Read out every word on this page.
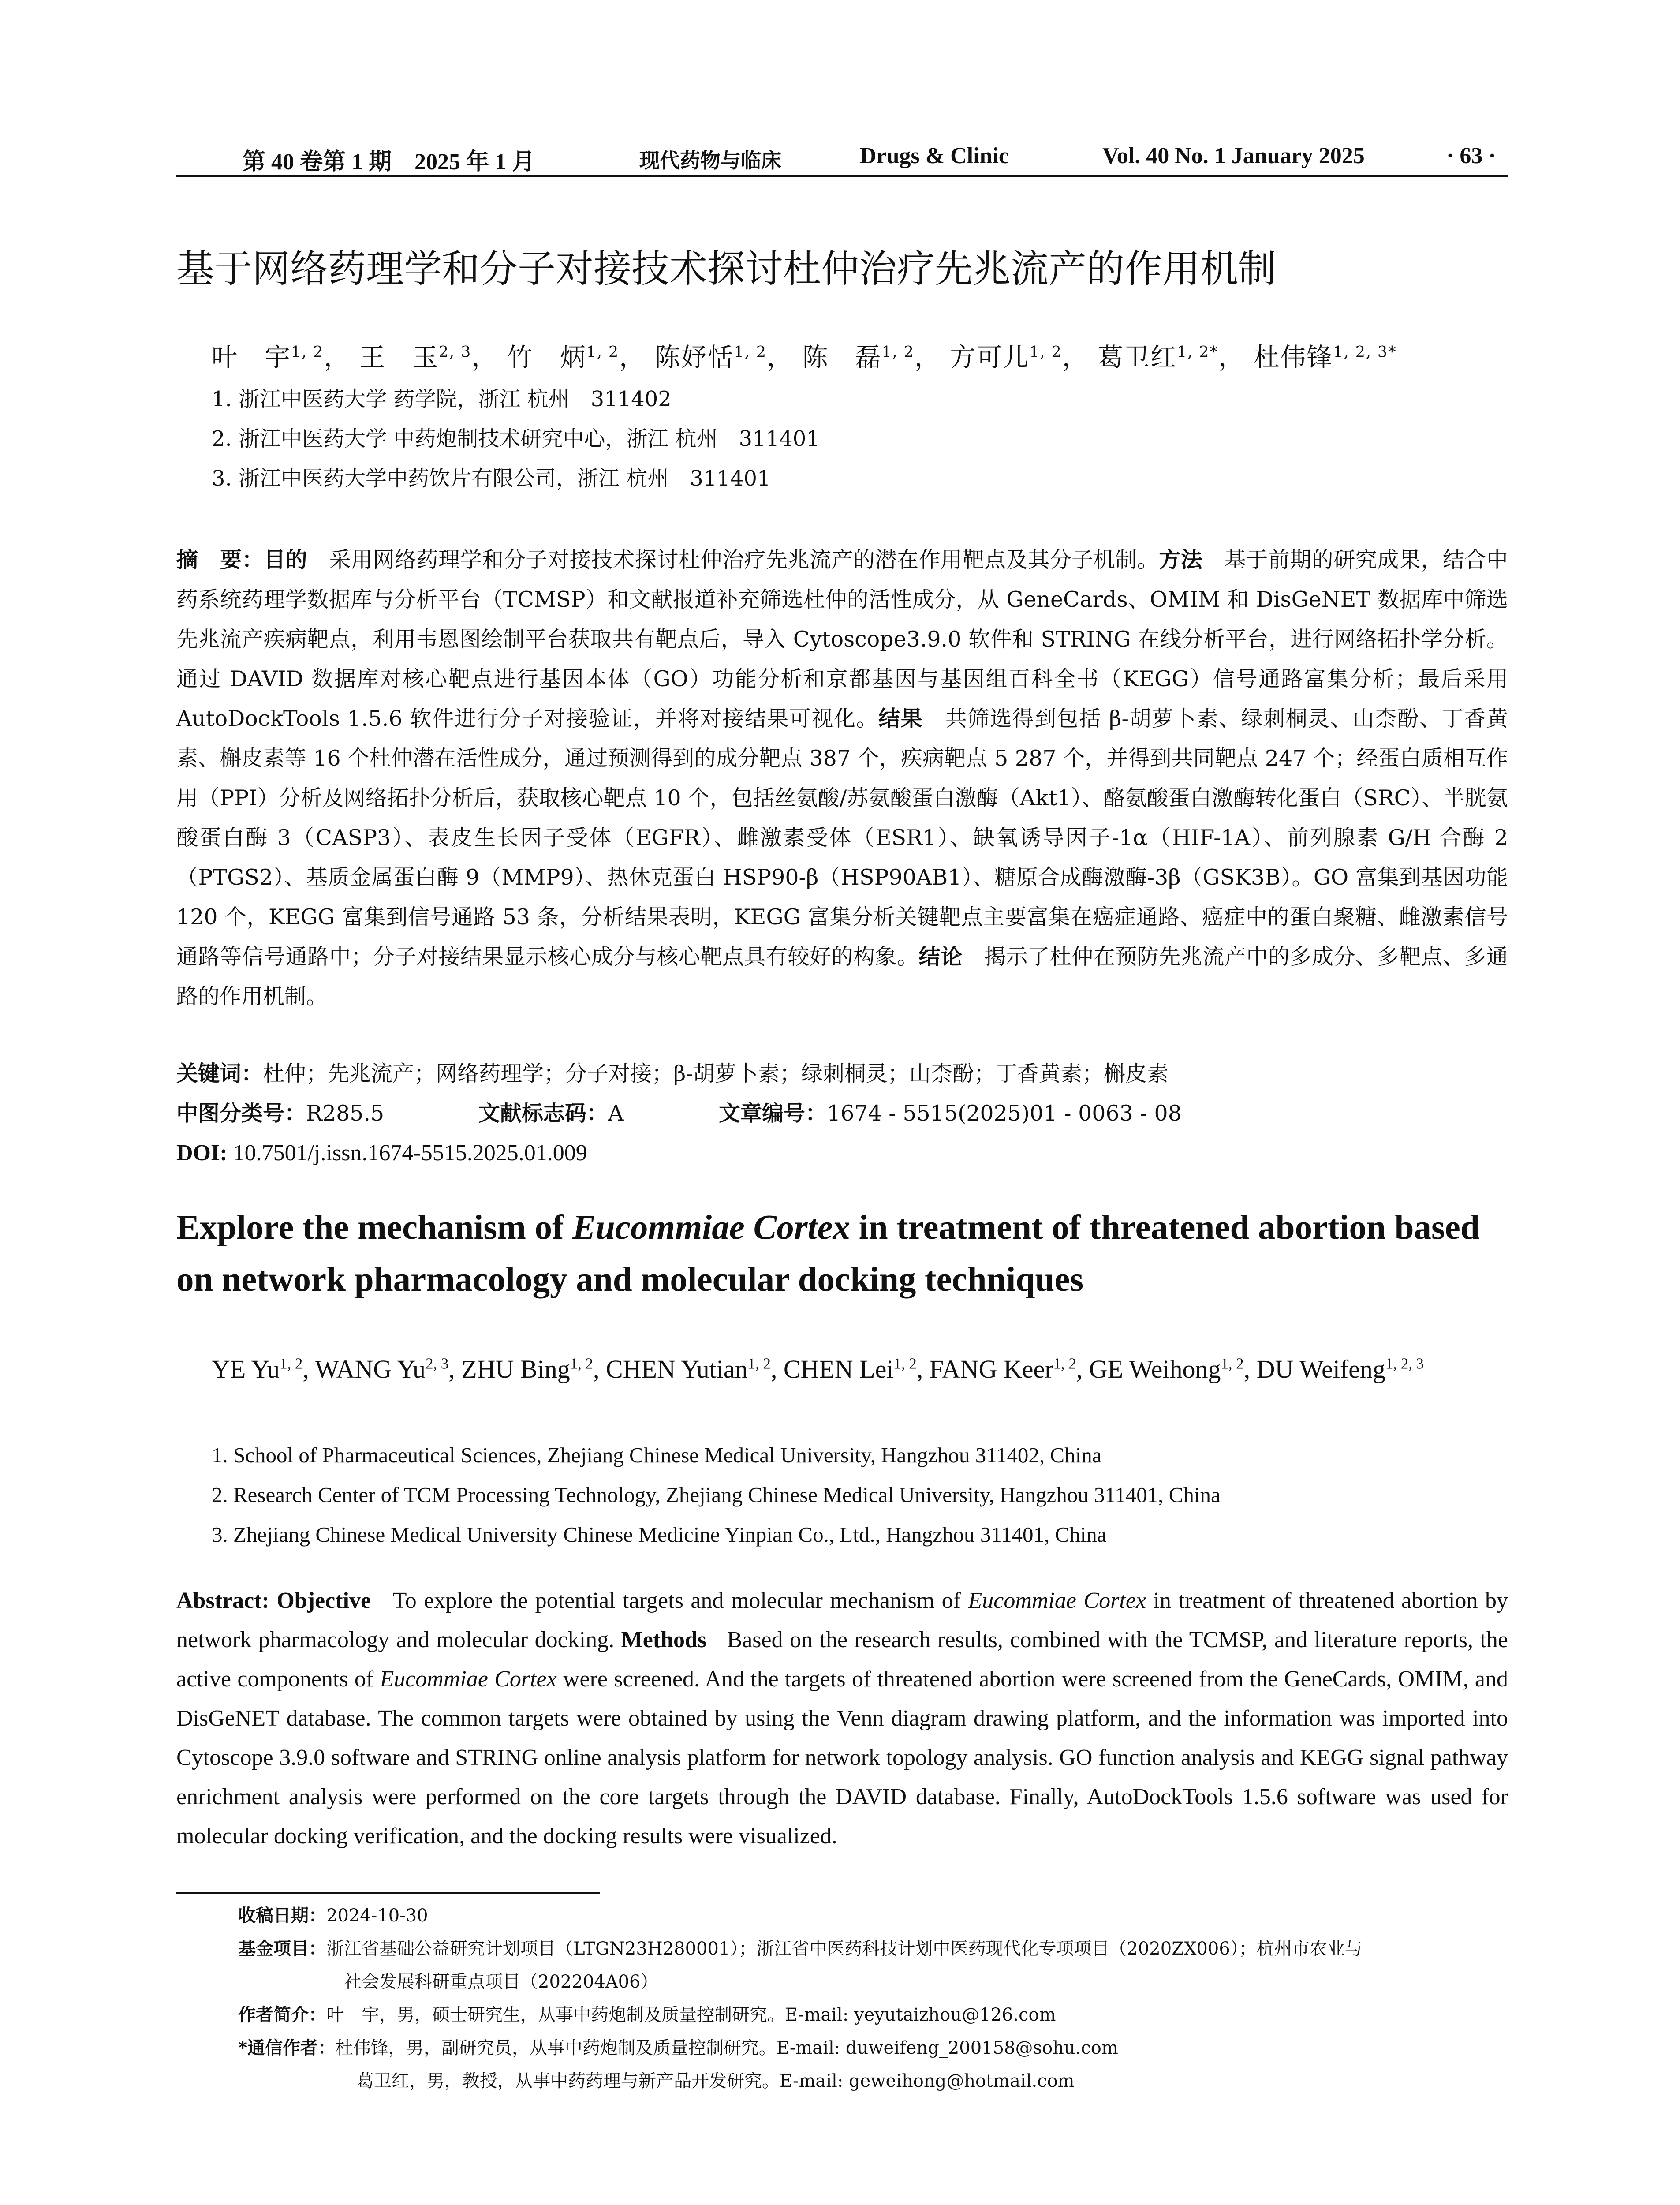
第 40 卷第 1 期　2025 年 1 月	现代药物与临床	Drugs & Clinic	Vol. 40 No. 1 January 2025	· 63 ·
基于网络药理学和分子对接技术探讨杜仲治疗先兆流产的作用机制
叶　宇$^{1, 2}$， 王　玉$^{2, 3}$， 竹　炳$^{1, 2}$， 陈妤恬$^{1, 2}$， 陈　磊$^{1, 2}$， 方可儿$^{1, 2}$， 葛卫红$^{1, 2*}$， 杜伟锋$^{1, 2, 3*}$
1. 浙江中医药大学 药学院，浙江 杭州　311402
2. 浙江中医药大学 中药炮制技术研究中心，浙江 杭州　311401
3. 浙江中医药大学中药饮片有限公司，浙江 杭州　311401
摘　要：目的　 采用网络药理学和分子对接技术探讨杜仲治疗先兆流产的潜在作用靶点及其分子机制。方法　 基于前期的研究成果，结合中药系统药理学数据库与分析平台（TCMSP）和文献报道补充筛选杜仲的活性成分，从 GeneCards、OMIM 和 DisGeNET 数据库中筛选先兆流产疾病靶点，利用韦恩图绘制平台获取共有靶点后，导入 Cytoscope3.9.0 软件和 STRING 在线分析平台，进行网络拓扑学分析。通过 DAVID 数据库对核心靶点进行基因本体（GO）功能分析和京都基因与基因组百科全书（KEGG）信号通路富集分析；最后采用 AutoDockTools 1.5.6 软件进行分子对接验证，并将对接结果可视化。结果　 共筛选得到包括 β-胡萝卜素、绿刺桐灵、山柰酚、丁香黄素、槲皮素等 16 个杜仲潜在活性成分，通过预测得到的成分靶点 387 个，疾病靶点 5 287 个，并得到共同靶点 247 个；经蛋白质相互作用（PPI）分析及网络拓扑分析后，获取核心靶点 10 个，包括丝氨酸/苏氨酸蛋白激酶（Akt1）、酪氨酸蛋白激酶转化蛋白（SRC）、半胱氨酸蛋白酶 3（CASP3）、表皮生长因子受体（EGFR）、雌激素受体（ESR1）、缺氧诱导因子-1α（HIF-1A）、前列腺素 G/H 合酶 2（PTGS2）、基质金属蛋白酶 9（MMP9）、热休克蛋白 HSP90-β（HSP90AB1）、糖原合成酶激酶-3β（GSK3B）。GO 富集到基因功能 120 个，KEGG 富集到信号通路 53 条，分析结果表明，KEGG 富集分析关键靶点主要富集在癌症通路、癌症中的蛋白聚糖、雌激素信号通路等信号通路中；分子对接结果显示核心成分与核心靶点具有较好的构象。结论　 揭示了杜仲在预防先兆流产中的多成分、多靶点、多通路的作用机制。
关键词：杜仲；先兆流产；网络药理学；分子对接；β-胡萝卜素；绿刺桐灵；山柰酚；丁香黄素；槲皮素
中图分类号：R285.5	文献标志码：A	文章编号：1674 - 5515(2025)01 - 0063 - 08
DOI: 10.7501/j.issn.1674-5515.2025.01.009
Explore the mechanism of Eucommiae Cortex in treatment of threatened abortion based on network pharmacology and molecular docking techniques
YE Yu$^{1, 2}$, WANG Yu$^{2, 3}$, ZHU Bing$^{1, 2}$, CHEN Yutian$^{1, 2}$, CHEN Lei$^{1, 2}$, FANG Keer$^{1, 2}$, GE Weihong$^{1, 2}$, DU Weifeng$^{1, 2, 3}$
1. School of Pharmaceutical Sciences, Zhejiang Chinese Medical University, Hangzhou 311402, China
2. Research Center of TCM Processing Technology, Zhejiang Chinese Medical University, Hangzhou 311401, China
3. Zhejiang Chinese Medical University Chinese Medicine Yinpian Co., Ltd., Hangzhou 311401, China
Abstract: Objective To explore the potential targets and molecular mechanism of Eucommiae Cortex in treatment of threatened abortion by network pharmacology and molecular docking. Methods Based on the research results, combined with the TCMSP, and literature reports, the active components of Eucommiae Cortex were screened. And the targets of threatened abortion were screened from the GeneCards, OMIM, and DisGeNET database. The common targets were obtained by using the Venn diagram drawing platform, and the information was imported into Cytoscope 3.9.0 software and STRING online analysis platform for network topology analysis. GO function analysis and KEGG signal pathway enrichment analysis were performed on the core targets through the DAVID database. Finally, AutoDockTools 1.5.6 software was used for molecular docking verification, and the docking results were visualized.
收稿日期：2024-10-30
基金项目：浙江省基础公益研究计划项目（LTGN23H280001）；浙江省中医药科技计划中医药现代化专项项目（2020ZX006）；杭州市农业与
社会发展科研重点项目（202204A06）
作者简介：叶　宇，男，硕士研究生，从事中药炮制及质量控制研究。E-mail: yeyutaizhou@126.com
*通信作者：杜伟锋，男，副研究员，从事中药炮制及质量控制研究。E-mail: duweifeng_200158@sohu.com
葛卫红，男，教授，从事中药药理与新产品开发研究。E-mail: geweihong@hotmail.com
